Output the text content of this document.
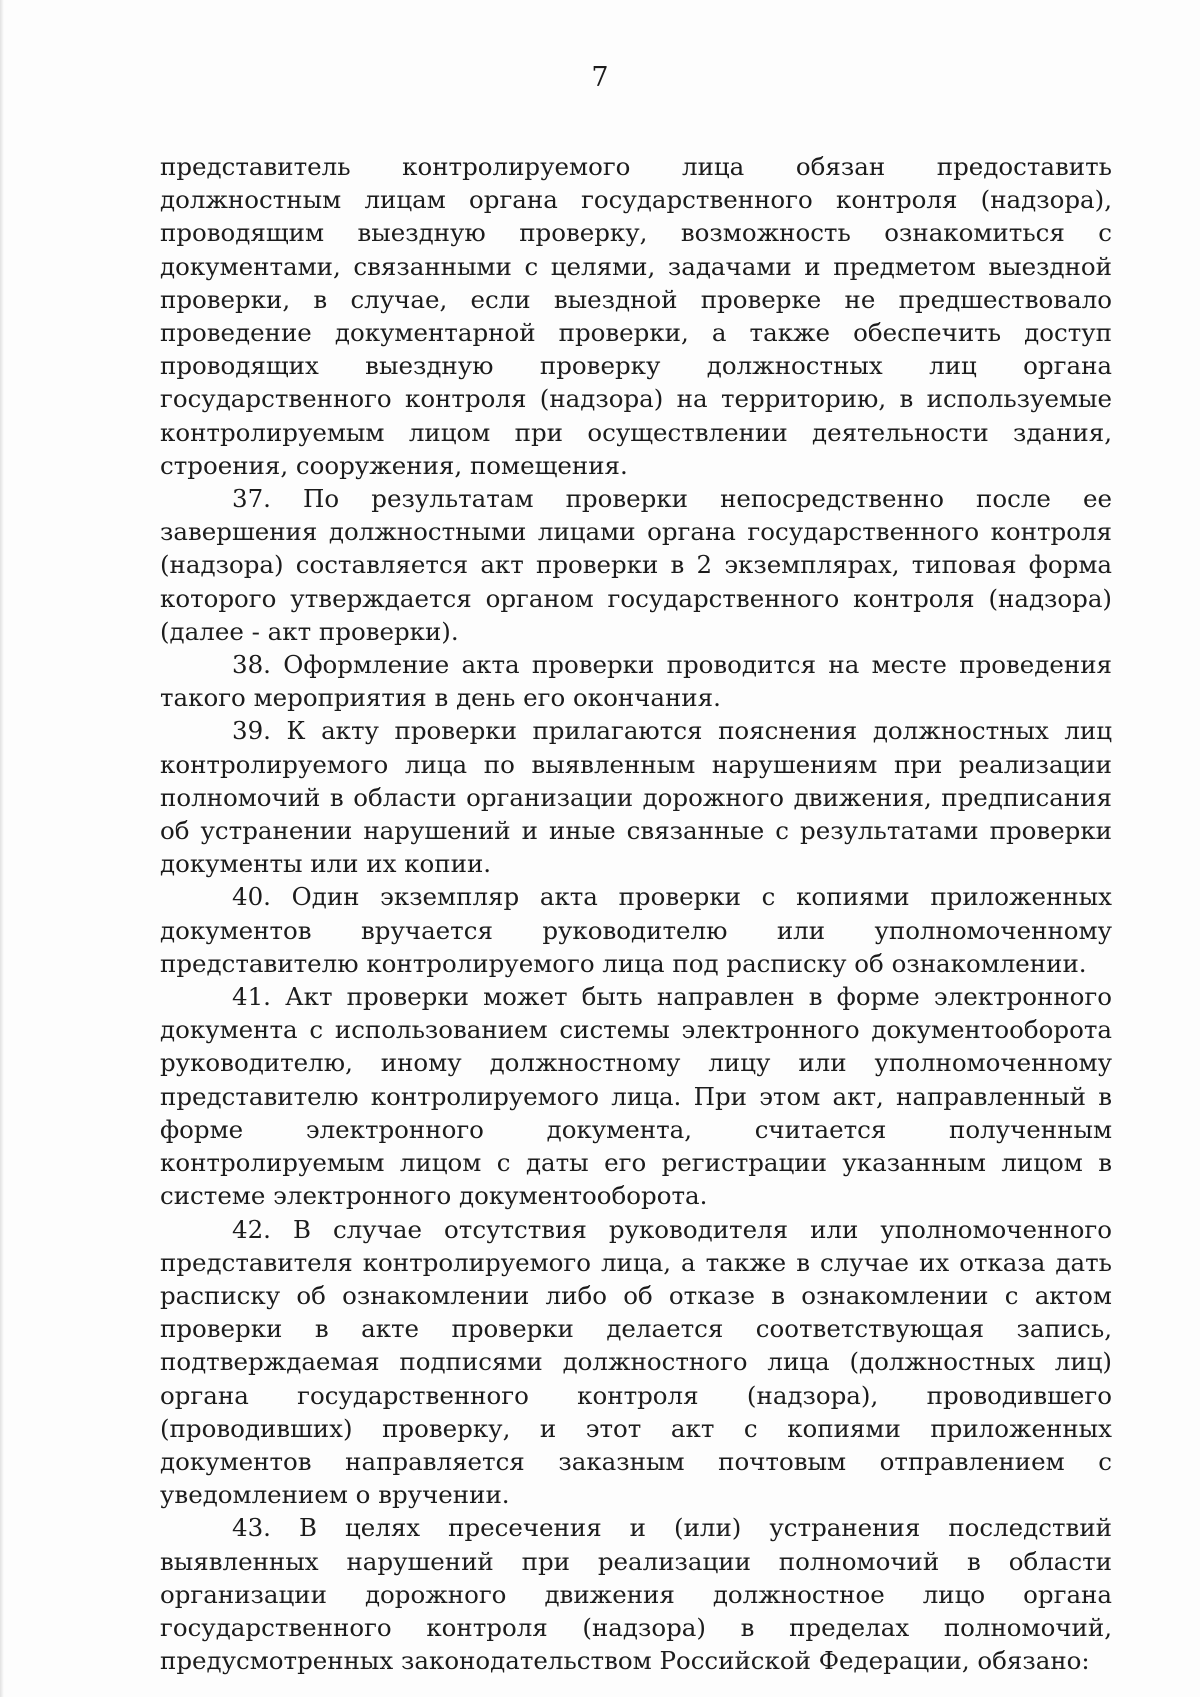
7

представитель контролируемого лица обязан предоставить должностным лицам органа государственного контроля (надзора), проводящим выездную проверку, возможность ознакомиться с документами, связанными с целями, задачами и предметом выездной проверки, в случае, если выездной проверке не предшествовало проведение документарной проверки, а также обеспечить доступ проводящих выездную проверку должностных лиц органа государственного контроля (надзора) на территорию, в используемые контролируемым лицом при осуществлении деятельности здания, строения, сооружения, помещения.

37. По результатам проверки непосредственно после ее завершения должностными лицами органа государственного контроля (надзора) составляется акт проверки в 2 экземплярах, типовая форма которого утверждается органом государственного контроля (надзора) (далее - акт проверки).

38. Оформление акта проверки проводится на месте проведения такого мероприятия в день его окончания.

39. К акту проверки прилагаются пояснения должностных лиц контролируемого лица по выявленным нарушениям при реализации полномочий в области организации дорожного движения, предписания об устранении нарушений и иные связанные с результатами проверки документы или их копии.

40. Один экземпляр акта проверки с копиями приложенных документов вручается руководителю или уполномоченному представителю контролируемого лица под расписку об ознакомлении.

41. Акт проверки может быть направлен в форме электронного документа с использованием системы электронного документооборота руководителю, иному должностному лицу или уполномоченному представителю контролируемого лица. При этом акт, направленный в форме электронного документа, считается полученным контролируемым лицом с даты его регистрации указанным лицом в системе электронного документооборота.

42. В случае отсутствия руководителя или уполномоченного представителя контролируемого лица, а также в случае их отказа дать расписку об ознакомлении либо об отказе в ознакомлении с актом проверки в акте проверки делается соответствующая запись, подтверждаемая подписями должностного лица (должностных лиц) органа государственного контроля (надзора), проводившего (проводивших) проверку, и этот акт с копиями приложенных документов направляется заказным почтовым отправлением с уведомлением о вручении.

43. В целях пресечения и (или) устранения последствий выявленных нарушений при реализации полномочий в области организации дорожного движения должностное лицо органа государственного контроля (надзора) в пределах полномочий, предусмотренных законодательством Российской Федерации, обязано:
